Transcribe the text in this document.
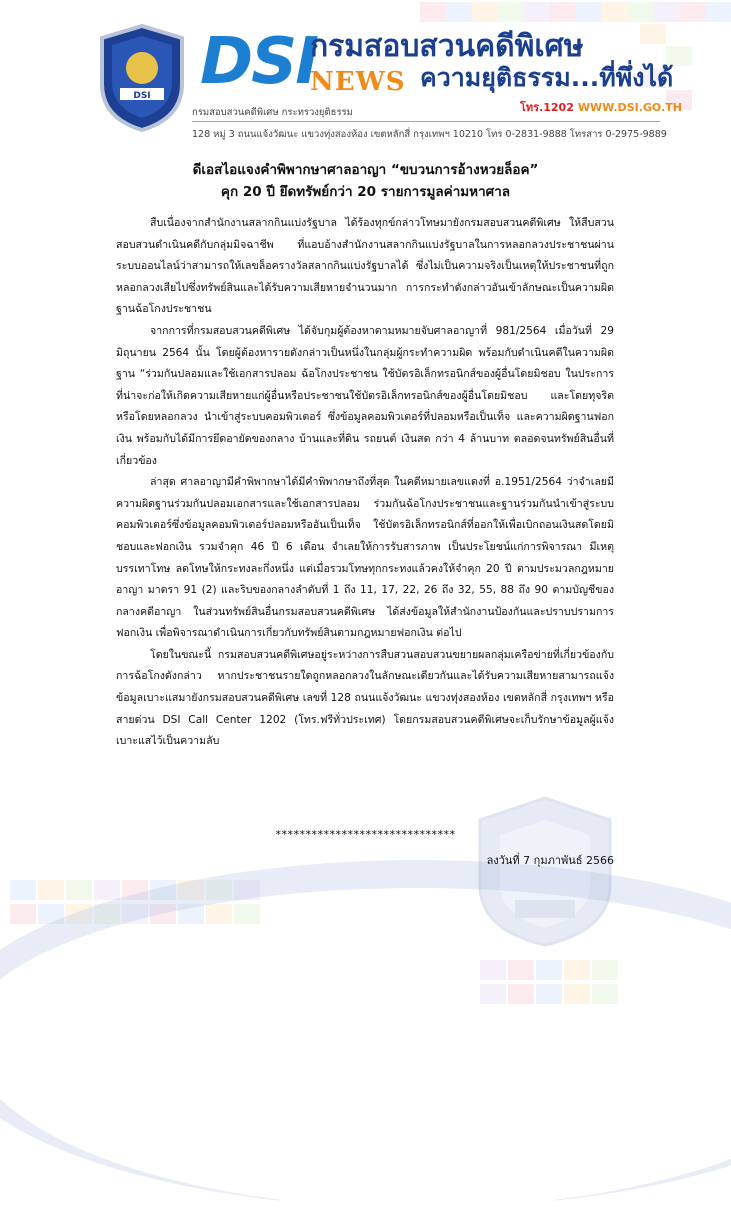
DSI DSI
กรมสอบสวนคดีพิเศษ
NEWS ความยุติธรรม...ที่พึ่งได้
โทร.1202 WWW.DSI.GO.TH
กรมสอบสวนคดีพิเศษ กระทรวงยุติธรรม
128 หมู่ 3 ถนนแจ้งวัฒนะ แขวงทุ่งสองห้อง เขตหลักสี่ กรุงเทพฯ 10210 โทร 0-2831-9888 โทรสาร 0-2975-9889
ดีเอสไอแจงคำพิพากษาศาลอาญา “ขบวนการอ้างหวยล็อค”
คุก 20 ปี ยึดทรัพย์กว่า 20 รายการมูลค่ามหาศาล

สืบเนื่องจากสำนักงานสลากกินแบ่งรัฐบาล ได้ร้องทุกข์กล่าวโทษมายังกรมสอบสวนคดีพิเศษ ให้สืบสวนสอบสวนดำเนินคดีกับกลุ่มมิจฉาชีพ ที่แอบอ้างสำนักงานสลากกินแบ่งรัฐบาลในการหลอกลวงประชาชนผ่านระบบออนไลน์ว่าสามารถให้เลขล็อครางวัลสลากกินแบ่งรัฐบาลได้ ซึ่งไม่เป็นความจริงเป็นเหตุให้ประชาชนที่ถูกหลอกลวงเสียไปซึ่งทรัพย์สินและได้รับความเสียหายจำนวนมาก การกระทำดังกล่าวอันเข้าลักษณะเป็นความผิดฐานฉ้อโกงประชาชน

จากการที่กรมสอบสวนคดีพิเศษ ได้จับกุมผู้ต้องหาตามหมายจับศาลอาญาที่ 981/2564 เมื่อวันที่ 29 มิถุนายน 2564 นั้น โดยผู้ต้องหารายดังกล่าวเป็นหนึ่งในกลุ่มผู้กระทำความผิด พร้อมกับดำเนินคดีในความผิดฐาน “ร่วมกันปลอมและใช้เอกสารปลอม ฉ้อโกงประชาชน ใช้บัตรอิเล็กทรอนิกส์ของผู้อื่นโดยมิชอบ ในประการที่น่าจะก่อให้เกิดความเสียหายแก่ผู้อื่นหรือประชาชนใช้บัตรอิเล็กทรอนิกส์ของผู้อื่นโดยมิชอบ และโดยทุจริต หรือโดยหลอกลวง นำเข้าสู่ระบบคอมพิวเตอร์ ซึ่งข้อมูลคอมพิวเตอร์ที่ปลอมหรือเป็นเท็จ และความผิดฐานฟอกเงิน พร้อมกับได้มีการยึดอายัดของกลาง บ้านและที่ดิน รถยนต์ เงินสด กว่า 4 ล้านบาท ตลอดจนทรัพย์สินอื่นที่เกี่ยวข้อง

ล่าสุด ศาลอาญามีคำพิพากษาได้มีคำพิพากษาถึงที่สุด ในคดีหมายเลขแดงที่ อ.1951/2564 ว่าจำเลยมีความผิดฐานร่วมกันปลอมเอกสารและใช้เอกสารปลอม ร่วมกันฉ้อโกงประชาชนและฐานร่วมกันนำเข้าสู่ระบบคอมพิวเตอร์ซึ่งข้อมูลคอมพิวเตอร์ปลอมหรืออันเป็นเท็จ ใช้บัตรอิเล็กทรอนิกส์ที่ออกให้เพื่อเบิกถอนเงินสดโดยมิชอบและฟอกเงิน รวมจำคุก 46 ปี 6 เดือน จำเลยให้การรับสารภาพ เป็นประโยชน์แก่การพิจารณา มีเหตุบรรเทาโทษ ลดโทษให้กระทงละกึ่งหนึ่ง แต่เมื่อรวมโทษทุกกระทงแล้วคงให้จำคุก 20 ปี ตามประมวลกฎหมายอาญา มาตรา 91 (2) และริบของกลางลำดับที่ 1 ถึง 11, 17, 22, 26 ถึง 32, 55, 88 ถึง 90 ตามบัญชีของกลางคดีอาญา ในส่วนทรัพย์สินอื่นกรมสอบสวนคดีพิเศษ ได้ส่งข้อมูลให้สำนักงานป้องกันและปราบปรามการฟอกเงิน เพื่อพิจารณาดำเนินการเกี่ยวกับทรัพย์สินตามกฎหมายฟอกเงิน ต่อไป

โดยในขณะนี้ กรมสอบสวนคดีพิเศษอยู่ระหว่างการสืบสวนสอบสวนขยายผลกลุ่มเครือข่ายที่เกี่ยวข้องกับการฉ้อโกงดังกล่าว หากประชาชนรายใดถูกหลอกลวงในลักษณะเดียวกันและได้รับความเสียหายสามารถแจ้งข้อมูลเบาะแสมายังกรมสอบสวนคดีพิเศษ เลขที่ 128 ถนนแจ้งวัฒนะ แขวงทุ่งสองห้อง เขตหลักสี่ กรุงเทพฯ หรือ สายด่วน DSI Call Center 1202 (โทร.ฟรีทั่วประเทศ) โดยกรมสอบสวนคดีพิเศษจะเก็บรักษาข้อมูลผู้แจ้งเบาะแสไว้เป็นความลับ

******************************
ลงวันที่ 7 กุมภาพันธ์ 2566
